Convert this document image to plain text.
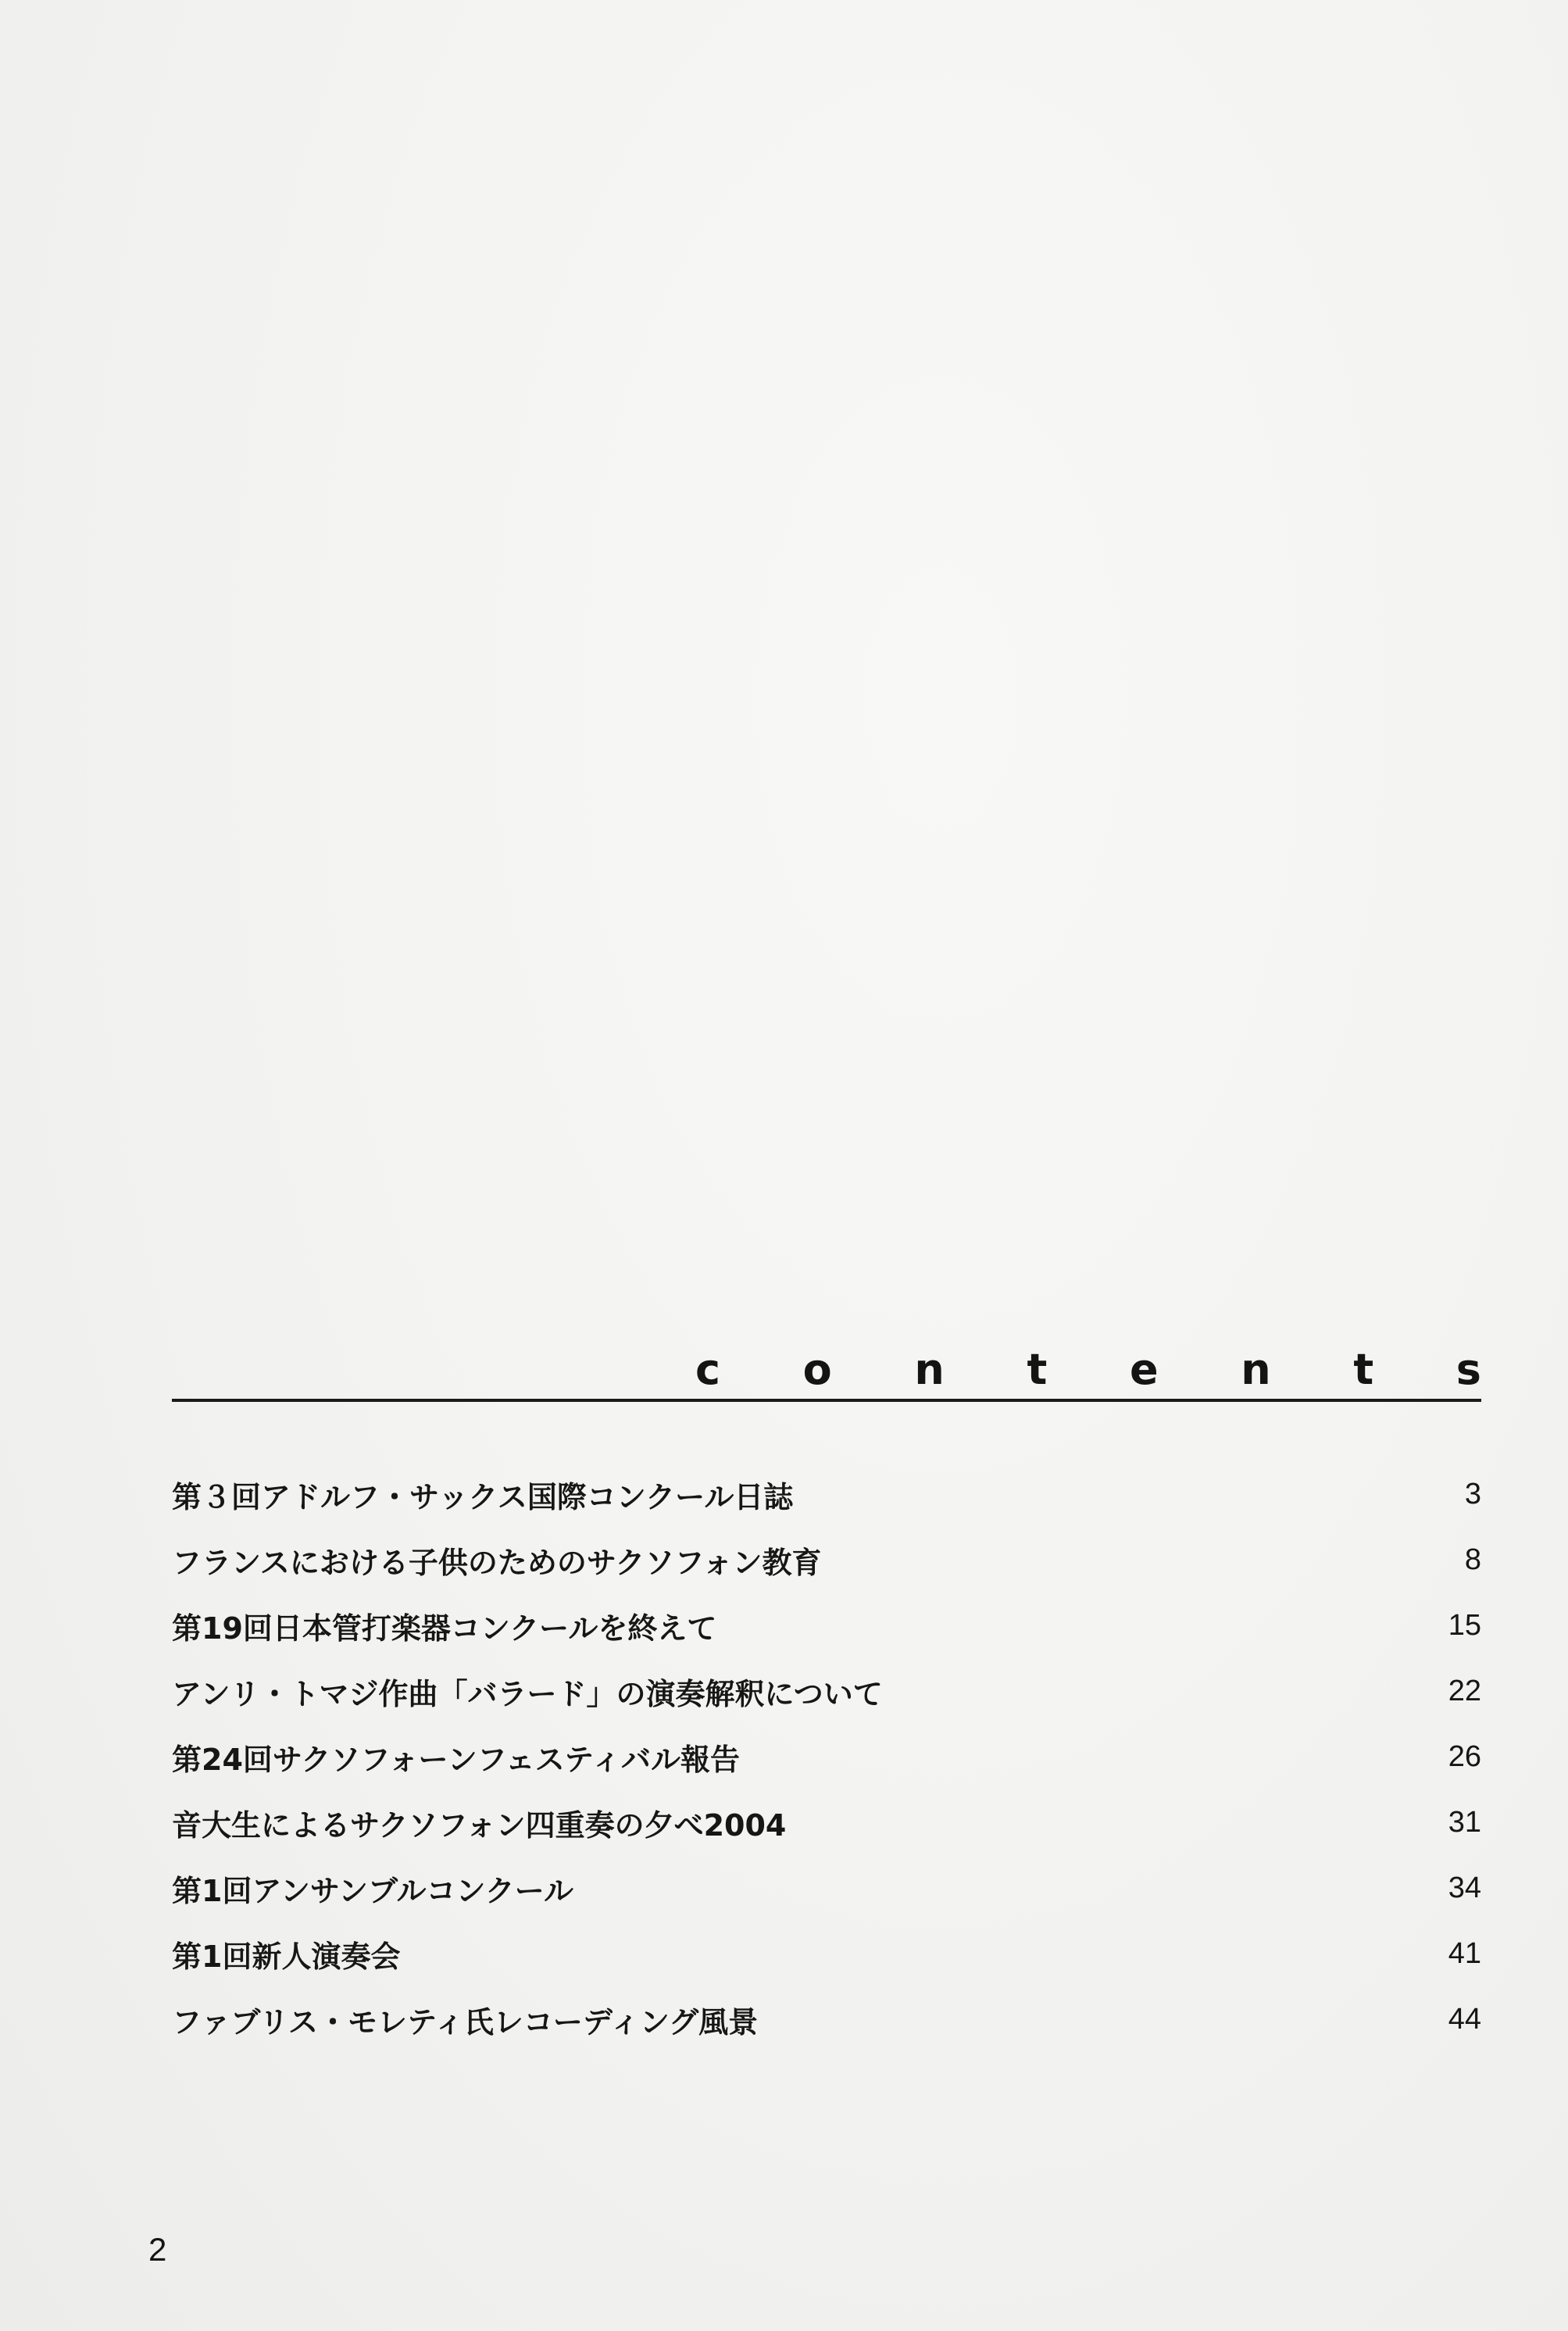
c o n t e n t s
第３回アドルフ・サックス国際コンクール日誌	3
フランスにおける子供のためのサクソフォン教育	8
第19回日本管打楽器コンクールを終えて	15
アンリ・トマジ作曲「バラード」の演奏解釈について	22
第24回サクソフォーンフェスティバル報告	26
音大生によるサクソフォン四重奏の夕べ2004	31
第1回アンサンブルコンクール	34
第1回新人演奏会	41
ファブリス・モレティ氏レコーディング風景	44
2
